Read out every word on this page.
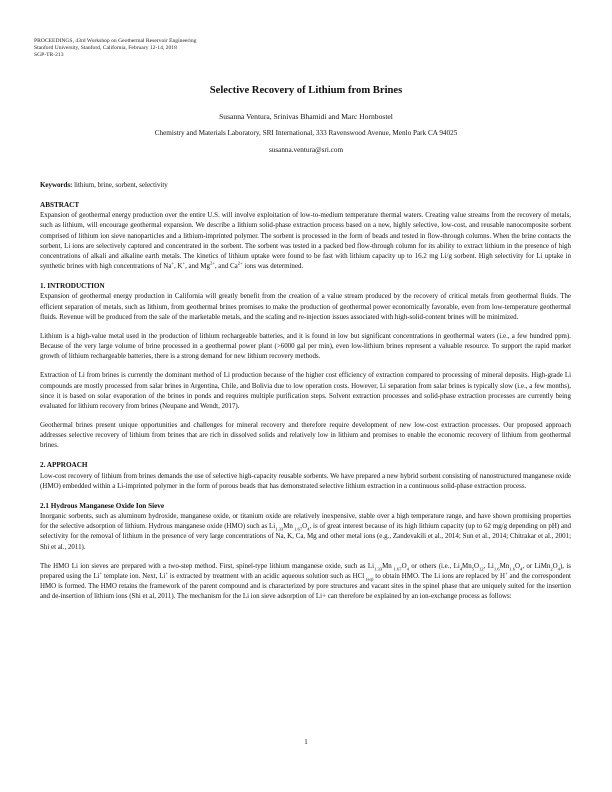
PROCEEDINGS, 43rd Workshop on Geothermal Reservoir Engineering
Stanford University, Stanford, California, February 12-14, 2018
SGP-TR-213
Selective Recovery of Lithium from Brines
Susanna Ventura, Srinivas Bhamidi and Marc Hornbostel
Chemistry and Materials Laboratory, SRI International, 333 Ravenswood Avenue, Menlo Park CA 94025
susanna.ventura@sri.com

Keywords: lithium, brine, sorbent, selectivity

ABSTRACT

Expansion of geothermal energy production over the entire U.S. will involve exploitation of low-to-medium temperature thermal waters. Creating value streams from the recovery of metals, such as lithium, will encourage geothermal expansion. We describe a lithium solid-phase extraction process based on a new, highly selective, low-cost, and reusable nanocomposite sorbent comprised of lithium ion sieve nanoparticles and a lithium-imprinted polymer. The sorbent is processed in the form of beads and tested in flow-through columns. When the brine contacts the sorbent, Li ions are selectively captured and concentrated in the sorbent. The sorbent was tested in a packed bed flow-through column for its ability to extract lithium in the presence of high concentrations of alkali and alkaline earth metals. The kinetics of lithium uptake were found to be fast with lithium capacity up to 16.2 mg Li/g sorbent. High selectivity for Li uptake in synthetic brines with high concentrations of Na+, K+, and $Mg^{2+}$, and $Ca^{2+}$ ions was determined.

1. INTRODUCTION

Expansion of geothermal energy production in California will greatly benefit from the creation of a value stream produced by the recovery of critical metals from geothermal fluids. The efficient separation of metals, such as lithium, from geothermal brines promises to make the production of geothermal power economically favorable, even from low-temperature geothermal fluids. Revenue will be produced from the sale of the marketable metals, and the scaling and re-injection issues associated with high-solid-content brines will be minimized.

Lithium is a high-value metal used in the production of lithium rechargeable batteries, and it is found in low but significant concentrations in geothermal waters (i.e., a few hundred ppm). Because of the very large volume of brine processed in a geothermal power plant (>6000 gal per min), even low-lithium brines represent a valuable resource. To support the rapid market growth of lithium rechargeable batteries, there is a strong demand for new lithium recovery methods.

Extraction of Li from brines is currently the dominant method of Li production because of the higher cost efficiency of extraction compared to processing of mineral deposits. High-grade Li compounds are mostly processed from salar brines in Argentina, Chile, and Bolivia due to low operation costs. However, Li separation from salar brines is typically slow (i.e., a few months), since it is based on solar evaporation of the brines in ponds and requires multiple purification steps. Solvent extraction processes and solid-phase extraction processes are currently being evaluated for lithium recovery from brines (Neupane and Wendt, 2017).

Geothermal brines present unique opportunities and challenges for mineral recovery and therefore require development of new low-cost extraction processes. Our proposed approach addresses selective recovery of lithium from brines that are rich in dissolved solids and relatively low in lithium and promises to enable the economic recovery of lithium from geothermal brines.

2. APPROACH

Low-cost recovery of lithium from brines demands the use of selective high-capacity reusable sorbents. We have prepared a new hybrid sorbent consisting of nanostructured manganese oxide (HMO) embedded within a Li-imprinted polymer in the form of porous beads that has demonstrated selective lithium extraction in a continuous solid-phase extraction process.

2.1 Hydrous Manganese Oxide Ion Sieve

Inorganic sorbents, such as aluminum hydroxide, manganese oxide, or titanium oxide are relatively inexpensive, stable over a high temperature range, and have shown promising properties for the selective adsorption of lithium. Hydrous manganese oxide (HMO) such as $Li_{1.33}Mn$ $_{1.67}O_4$, is of great interest because of its high lithium capacity (up to 62 mg/g depending on pH) and selectivity for the removal of lithium in the presence of very large concentrations of Na, K, Ca, Mg and other metal ions (e.g., Zandevakili et al., 2014; Sun et al., 2014; Chitrakar et al., 2001; Shi et al., 2011).

The HMO Li ion sieves are prepared with a two-step method. First, spinel-type lithium manganese oxide, such as $Li_{1.33}Mn$ $_{1.67}O_4$ or others (i.e., $Li_4Mn_5O_{12}$, $Li_{1.6}Mn_{1.6}O_4$, or $LiMn_2O_4$), is prepared using the Li+ template ion. Next, Li+ is extracted by treatment with an acidic aqueous solution such as HCl $_{(aq)}$ to obtain HMO. The Li ions are replaced by H+ and the correspondent HMO is formed. The HMO retains the framework of the parent compound and is characterized by pore structures and vacant sites in the spinel phase that are uniquely suited for the insertion and de-insertion of lithium ions (Shi et al, 2011). The mechanism for the Li ion sieve adsorption of Li+ can therefore be explained by an ion-exchange process as follows:

1
